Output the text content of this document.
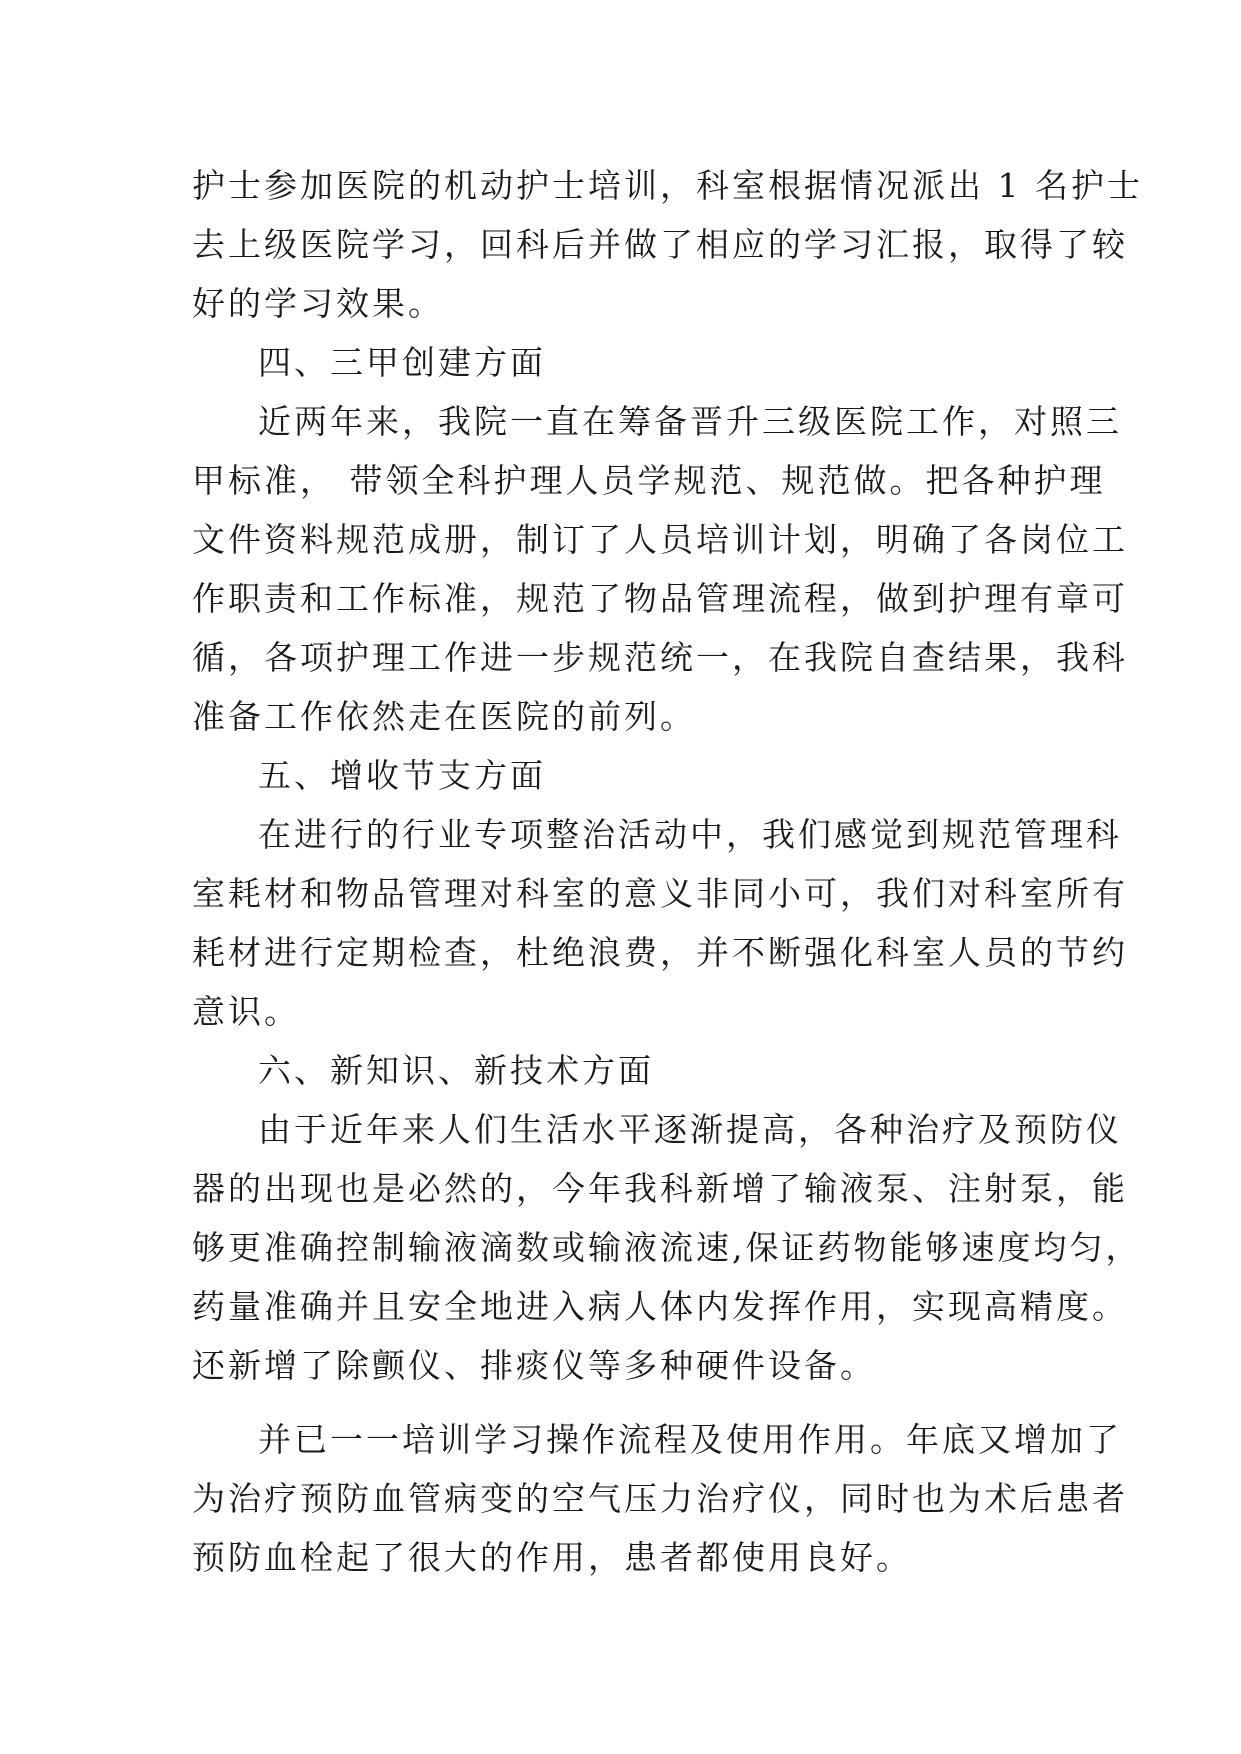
护士参加医院的机动护士培训，科室根据情况派出 1 名护士
去上级医院学习，回科后并做了相应的学习汇报，取得了较
好的学习效果。
四、三甲创建方面
近两年来，我院一直在筹备晋升三级医院工作，对照三
甲标准， 带领全科护理人员学规范、规范做。把各种护理
文件资料规范成册，制订了人员培训计划，明确了各岗位工
作职责和工作标准，规范了物品管理流程，做到护理有章可
循，各项护理工作进一步规范统一，在我院自查结果，我科
准备工作依然走在医院的前列。
五、增收节支方面
在进行的行业专项整治活动中，我们感觉到规范管理科
室耗材和物品管理对科室的意义非同小可，我们对科室所有
耗材进行定期检查，杜绝浪费，并不断强化科室人员的节约
意识。
六、新知识、新技术方面
由于近年来人们生活水平逐渐提高，各种治疗及预防仪
器的出现也是必然的，今年我科新增了输液泵、注射泵，能
够更准确控制输液滴数或输液流速,保证药物能够速度均匀，
药量准确并且安全地进入病人体内发挥作用，实现高精度。
还新增了除颤仪、排痰仪等多种硬件设备。
并已一一培训学习操作流程及使用作用。年底又增加了
为治疗预防血管病变的空气压力治疗仪，同时也为术后患者
预防血栓起了很大的作用，患者都使用良好。
